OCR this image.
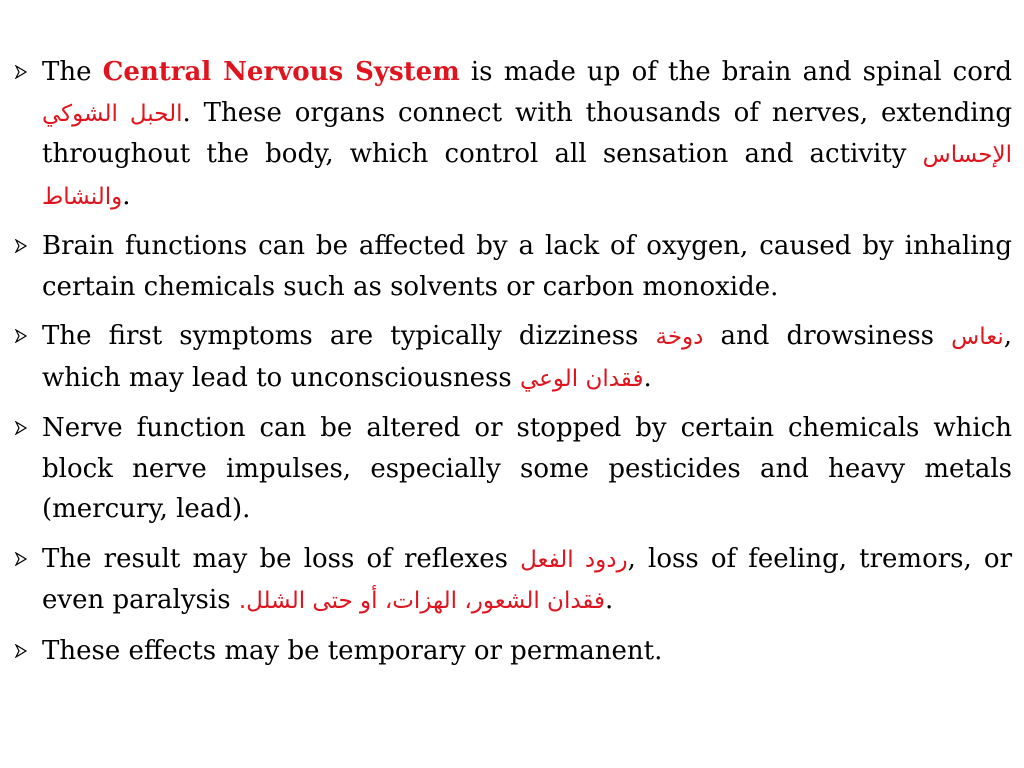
The Central Nervous System is made up of the brain and spinal cord الحبل الشوكي. These organs connect with thousands of nerves, extending throughout the body, which control all sensation and activity الإحساس والنشاط.
Brain functions can be affected by a lack of oxygen, caused by inhaling certain chemicals such as solvents or carbon monoxide.
The first symptoms are typically dizziness دوخة and drowsiness نعاس, which may lead to unconsciousness فقدان الوعي.
Nerve function can be altered or stopped by certain chemicals which block nerve impulses, especially some pesticides and heavy metals (mercury, lead).
The result may be loss of reflexes ردود الفعل, loss of feeling, tremors, or even paralysis فقدان الشعور، الهزات، أو حتى الشلل..
These effects may be temporary or permanent.
